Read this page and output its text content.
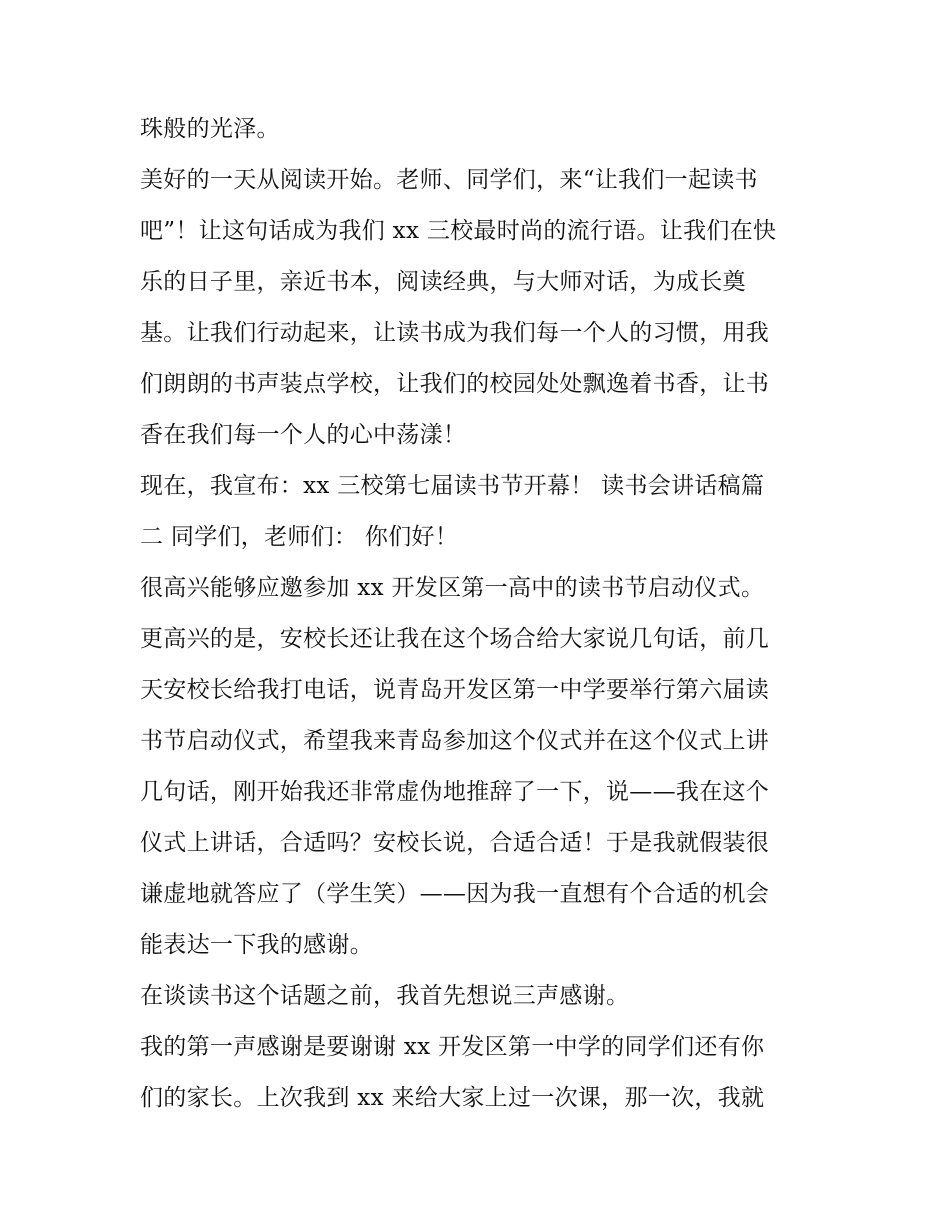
珠般的光泽。
美好的一天从阅读开始。老师、同学们，来“让我们一起读书
吧”！让这句话成为我们 xx 三校最时尚的流行语。让我们在快
乐的日子里，亲近书本，阅读经典，与大师对话，为成长奠
基。让我们行动起来，让读书成为我们每一个人的习惯，用我
们朗朗的书声装点学校，让我们的校园处处飘逸着书香，让书
香在我们每一个人的心中荡漾！
现在，我宣布：xx 三校第七届读书节开幕！ 读书会讲话稿篇
二 同学们，老师们： 你们好！
很高兴能够应邀参加 xx 开发区第一高中的读书节启动仪式。
更高兴的是，安校长还让我在这个场合给大家说几句话，前几
天安校长给我打电话，说青岛开发区第一中学要举行第六届读
书节启动仪式，希望我来青岛参加这个仪式并在这个仪式上讲
几句话，刚开始我还非常虚伪地推辞了一下，说——我在这个
仪式上讲话，合适吗？安校长说，合适合适！于是我就假装很
谦虚地就答应了（学生笑）——因为我一直想有个合适的机会
能表达一下我的感谢。
在谈读书这个话题之前，我首先想说三声感谢。
我的第一声感谢是要谢谢 xx 开发区第一中学的同学们还有你
们的家长。上次我到 xx 来给大家上过一次课，那一次，我就
